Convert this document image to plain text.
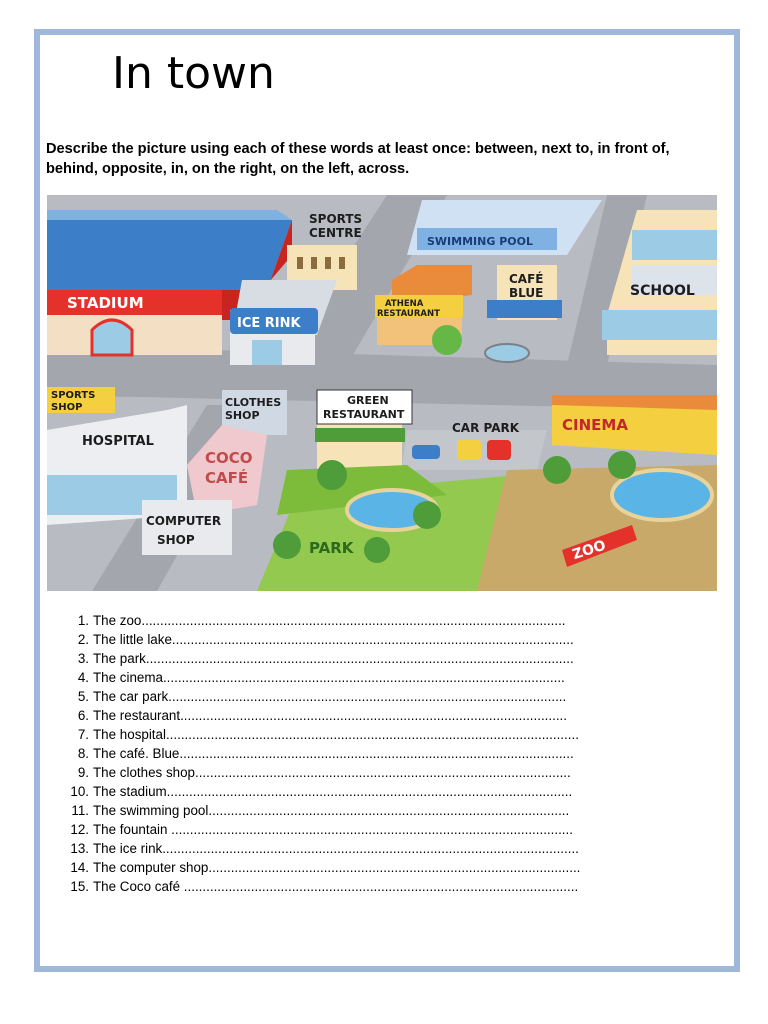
In town

Describe the picture using each of these words at least once: between, next to, in front of, behind, opposite, in, on the right, on the left, across.

STADIUM
SPORTS
CENTRE
ICE RINK
SWIMMING POOL
ATHENA
RESTAURANT
CAFÉ
BLUE	SCHOOL
SPORTS
SHOP
HOSPITAL
CLOTHES
SHOP
COCO
CAFÉ
COMPUTER
SHOP
GREEN
RESTAURANT
CAR PARK	CINEMA
PARK	ZOO
1. The zoo..................................................................................................................
2. The little lake............................................................................................................
3. The park...................................................................................................................
4. The cinema............................................................................................................
5. The car park...........................................................................................................
6. The restaurant........................................................................................................
7. The hospital...............................................................................................................
8. The café. Blue..........................................................................................................
9. The clothes shop.....................................................................................................
10. The stadium.............................................................................................................
11. The swimming pool.................................................................................................
12. The fountain ............................................................................................................
13. The ice rink................................................................................................................
14. The computer shop....................................................................................................
15. The Coco café ..........................................................................................................
